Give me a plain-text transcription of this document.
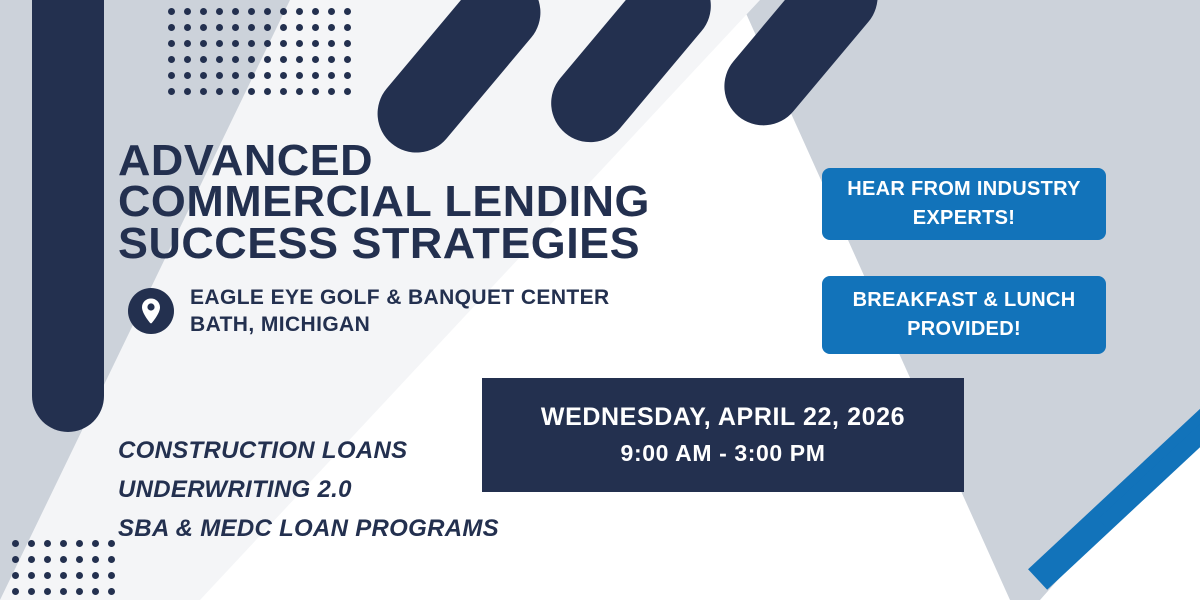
ADVANCED
COMMERCIAL LENDING
SUCCESS STRATEGIES
EAGLE EYE GOLF & BANQUET CENTER
BATH, MICHIGAN
CONSTRUCTION LOANS
UNDERWRITING 2.0
SBA & MEDC LOAN PROGRAMS
HEAR FROM INDUSTRY
EXPERTS!
BREAKFAST & LUNCH
PROVIDED!
WEDNESDAY, APRIL 22, 2026
9:00 AM - 3:00 PM
